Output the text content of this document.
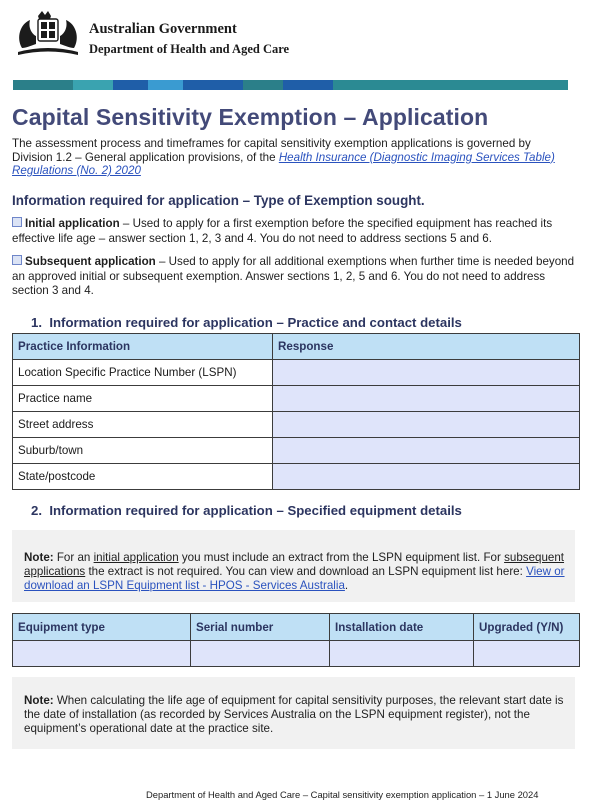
Australian Government
Department of Health and Aged Care
Capital Sensitivity Exemption – Application
The assessment process and timeframes for capital sensitivity exemption applications is governed by Division 1.2 – General application provisions, of the Health Insurance (Diagnostic Imaging Services Table) Regulations (No. 2) 2020
Information required for application – Type of Exemption sought.
Initial application – Used to apply for a first exemption before the specified equipment has reached its effective life age – answer section 1, 2, 3 and 4. You do not need to address sections 5 and 6.
Subsequent application – Used to apply for all additional exemptions when further time is needed beyond an approved initial or subsequent exemption. Answer sections 1, 2, 5 and 6. You do not need to address section 3 and 4.
1. Information required for application – Practice and contact details
Practice Information	Response
Location Specific Practice Number (LSPN)	
Practice name	
Street address	
Suburb/town	
State/postcode	
2. Information required for application – Specified equipment details
Note: For an initial application you must include an extract from the LSPN equipment list. For subsequent applications the extract is not required. You can view and download an LSPN equipment list here: View or download an LSPN Equipment list - HPOS - Services Australia.
Equipment type	Serial number	Installation date	Upgraded (Y/N)

Note: When calculating the life age of equipment for capital sensitivity purposes, the relevant start date is the date of installation (as recorded by Services Australia on the LSPN equipment register), not the equipment’s operational date at the practice site.
Department of Health and Aged Care – Capital sensitivity exemption application – 1 June 2024
